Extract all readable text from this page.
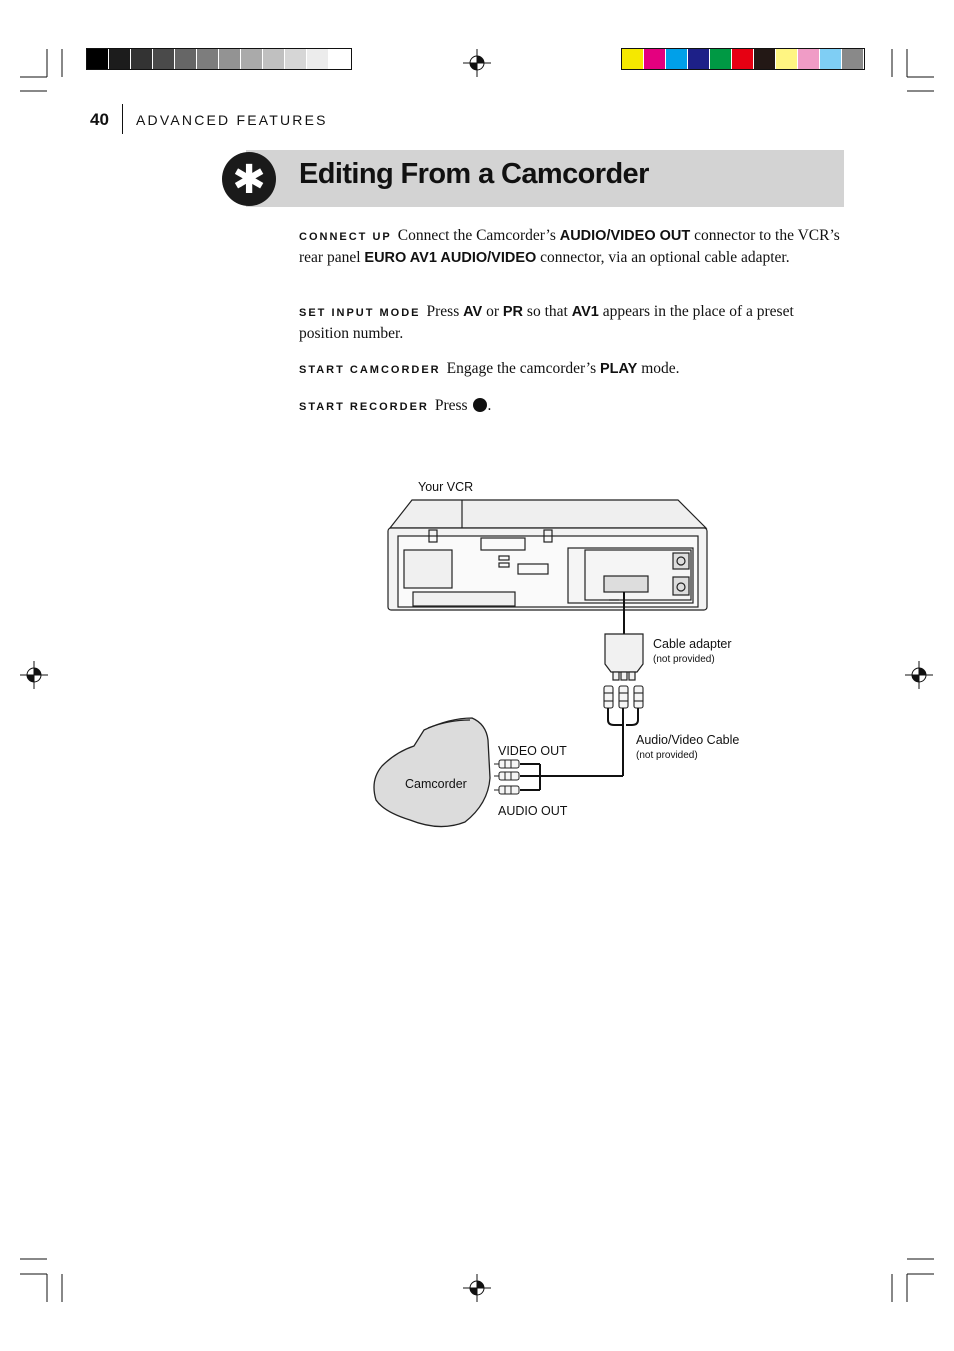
40 ADVANCED FEATURES
✱	Editing From a Camcorder
CONNECT UP Connect the Camcorder’s AUDIO/VIDEO OUT connector to the VCR’s rear panel EURO AV1 AUDIO/VIDEO connector, via an optional cable adapter.
SET INPUT MODE Press AV or PR so that AV1 appears in the place of a preset position number.
START CAMCORDER Engage the camcorder’s PLAY mode.
START RECORDER Press .
Your VCR
Cable adapter
(not provided)
Audio/Video Cable
(not provided)
VIDEO OUT
AUDIO OUT
Camcorder
